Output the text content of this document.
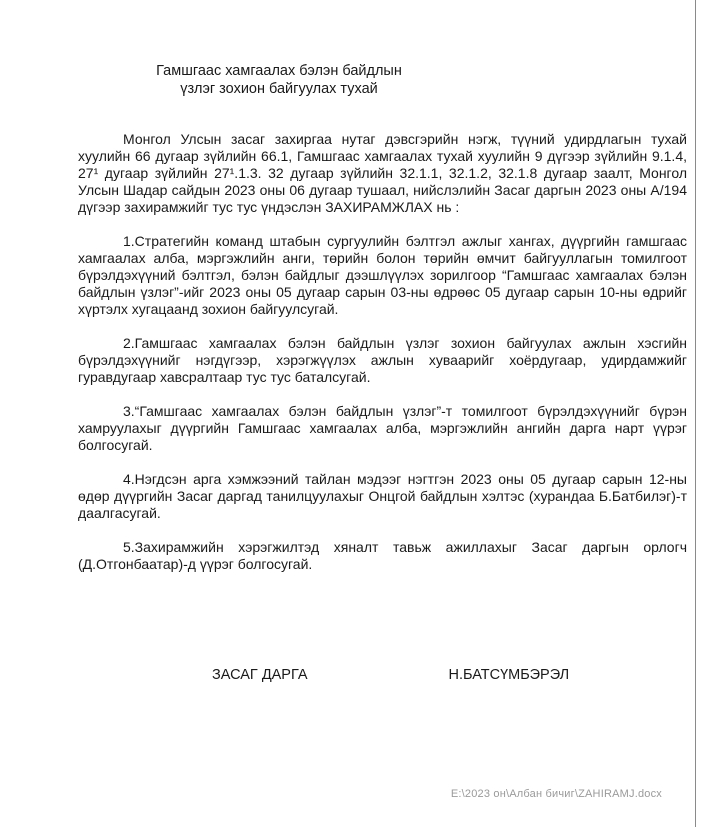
Гамшгаас хамгаалах бэлэн байдлын
үзлэг зохион байгуулах тухай

Монгол Улсын засаг захиргаа нутаг дэвсгэрийн нэгж, түүний удирдлагын тухай хуулийн 66 дугаар зүйлийн 66.1, Гамшгаас хамгаалах тухай хуулийн 9 дүгээр зүйлийн 9.1.4, 27¹ дугаар зүйлийн 27¹.1.3. 32 дугаар зүйлийн 32.1.1, 32.1.2, 32.1.8 дугаар заалт, Монгол Улсын Шадар сайдын 2023 оны 06 дугаар тушаал, нийслэлийн Засаг даргын 2023 оны А/194 дүгээр захирамжийг тус тус үндэслэн ЗАХИРАМЖЛАХ нь :

1.Стратегийн команд штабын сургуулийн бэлтгэл ажлыг хангах, дүүргийн гамшгаас хамгаалах алба, мэргэжлийн анги, төрийн болон төрийн өмчит байгууллагын томилгоот бүрэлдэхүүний бэлтгэл, бэлэн байдлыг дээшлүүлэх зорилгоор “Гамшгаас хамгаалах бэлэн байдлын үзлэг”-ийг 2023 оны 05 дугаар сарын 03-ны өдрөөс 05 дугаар сарын 10-ны өдрийг хүртэлх хугацаанд зохион байгуулсугай.

2.Гамшгаас хамгаалах бэлэн байдлын үзлэг зохион байгуулах ажлын хэсгийн бүрэлдэхүүнийг нэгдүгээр, хэрэгжүүлэх ажлын хуваарийг хоёрдугаар, удирдамжийг гуравдугаар хавсралтаар тус тус баталсугай.

3.“Гамшгаас хамгаалах бэлэн байдлын үзлэг”-т томилгоот бүрэлдэхүүнийг бүрэн хамруулахыг дүүргийн Гамшгаас хамгаалах алба, мэргэжлийн ангийн дарга нарт үүрэг болгосугай.

4.Нэгдсэн арга хэмжээний тайлан мэдээг нэгтгэн 2023 оны 05 дугаар сарын 12-ны өдөр дүүргийн Засаг даргад танилцуулахыг Онцгой байдлын хэлтэс (хурандаа Б.Батбилэг)-т даалгасугай.

5.Захирамжийн хэрэгжилтэд хяналт тавьж ажиллахыг Засаг даргын орлогч (Д.Отгонбаатар)-д үүрэг болгосугай.

ЗАСАГ ДАРГА	Н.БАТСҮМБЭРЭЛ
E:\2023 он\Албан бичиг\ZAHIRAMJ.docx
